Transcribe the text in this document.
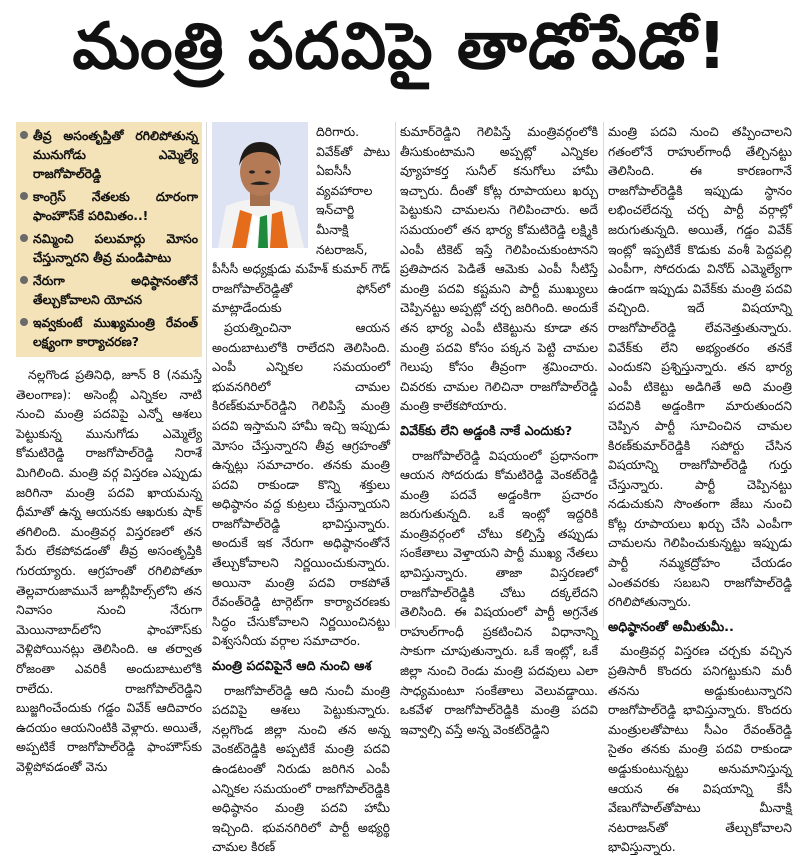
మంత్రి పదవిపై తాడోపేడో!
తీవ్ర అసంతృప్తితో రగిలిపోతున్న మునుగోడు ఎమ్మెల్యే రాజగోపాల్‌రెడ్డి
కాంగ్రెస్‌ నేతలకు దూరంగా ఫాంహౌస్‌కే పరిమితం..!
నమ్మించి పలుమార్లు మోసం చేస్తున్నారని తీవ్ర మండిపాటు
నేరుగా అధిష్ఠానంతోనే తేల్చుకోవాలని యోచన
ఇవ్వకుంటే ముఖ్యమంత్రి రేవంత్‌ లక్ష్యంగా కార్యాచరణ?

నల్లగొండ ప్రతినిధి, జూన్‌ 8 (నమస్తే తెలంగాణ): అసెంబ్లీ ఎన్నికల నాటి నుంచి మంత్రి పదవిపై ఎన్నో ఆశలు పెట్టుకున్న మునుగోడు ఎమ్మెల్యే కోమటిరెడ్డి రాజగోపాల్‌రెడ్డి నిరాశే మిగిలింది. మంత్రి వర్గ విస్తరణ ఎప్పుడు జరిగినా మంత్రి పదవి ఖాయమన్న ధీమాతో ఉన్న ఆయనకు ఆఖరుకు షాక్‌ తగిలింది. మంత్రివర్గ విస్తరణలో తన పేరు లేకపోవడంతో తీవ్ర అసంతృప్తికి గురయ్యారు. ఆగ్రహంతో రగిలిపోతూ తెల్లవారుజామునే జూబ్లీహిల్స్‌లోని తన నివాసం నుంచి నేరుగా మెయినాబాద్‌లోని ఫాంహౌస్‌కు వెళ్లిపోయినట్లు తెలిసింది. ఆ తర్వాత రోజంతా ఎవరికీ అందుబాటులోకి రాలేదు. రాజగోపాల్‌రెడ్డిని బుజ్జగించేందుకు గడ్డం వివేక్‌ ఆదివారం ఉదయం ఆయనింటికి వెళ్లారు. అయితే, అప్పటికే రాజగోపాల్‌రెడ్డి ఫాంహౌస్‌కు వెళ్లిపోవడంతో వెను

దిరిగారు. వివేక్‌తో పాటు ఏఐసీసీ వ్యవహారాల ఇన్‌చార్జి మీనాక్షి నటరాజన్‌, పీసీసీ అధ్యక్షుడు మహేశ్‌ కుమార్‌ గౌడ్‌ రాజగోపాల్‌రెడ్డితో ఫోన్‌లో మాట్లాడేందుకు

ప్రయత్నించినా ఆయన అందుబాటులోకి రాలేదని తెలిసింది. ఎంపీ ఎన్నికల సమయంలో భువనగిరిలో చామల కిరణ్‌కుమార్‌రెడ్డిని గెలిపిస్తే మంత్రి పదవి ఇస్తామని హామీ ఇచ్చి ఇప్పుడు మోసం చేస్తున్నారని తీవ్ర ఆగ్రహంతో ఉన్నట్లు సమాచారం. తనకు మంత్రి పదవి రాకుండా కొన్ని శక్తులు అధిష్ఠానం వద్ద కుట్రలు చేస్తున్నాయని రాజగోపాల్‌రెడ్డి భావిస్తున్నారు. అందుకే ఇక నేరుగా అధిష్ఠానంతోనే తేల్చుకోవాలని నిర్ణయించుకున్నారు. అయినా మంత్రి పదవి రాకపోతే రేవంత్‌రెడ్డి టార్గెట్‌గా కార్యాచరణకు సిద్ధం చేసుకోవాలని నిర్ణయించినట్టు విశ్వసనీయ వర్గాల సమాచారం.

మంత్రి పదవిపైనే ఆది నుంచి ఆశ

రాజగోపాల్‌రెడ్డి ఆది నుంచీ మంత్రి పదవిపై ఆశలు పెట్టుకున్నారు. నల్లగొండ జిల్లా నుంచి తన అన్న వెంకట్‌రెడ్డికి అప్పటికే మంత్రి పదవి ఉండటంతో నిరుడు జరిగిన ఎంపీ ఎన్నికల సమయంలో రాజగోపాల్‌రెడ్డికి అధిష్ఠానం మంత్రి పదవి హామీ ఇచ్చింది. భువనగిరిలో పార్టీ అభ్యర్థి చామల కిరణ్‌

కుమార్‌రెడ్డిని గెలిపిస్తే మంత్రివర్గంలోకి తీసుకుంటామని అప్పట్లో ఎన్నికల వ్యూహకర్త సునీల్‌ కనుగోలు హామీ ఇచ్చారు. దీంతో కోట్ల రూపాయలు ఖర్చు పెట్టుకుని చామలను గెలిపించారు. అదే సమయంలో తన భార్య కోమటిరెడ్డి లక్ష్మికి ఎంపీ టికెట్‌ ఇస్తే గెలిపించుకుంటానని ప్రతిపాదన పెడితే ఆమెకు ఎంపీ సీటిస్తే మంత్రి పదవి కష్టమని పార్టీ ముఖ్యులు చెప్పినట్టు అప్పట్లో చర్చ జరిగింది. అందుకే తన భార్య ఎంపీ టికెట్టును కూడా తన మంత్రి పదవి కోసం పక్కన పెట్టి చామల గెలుపు కోసం తీవ్రంగా శ్రమించారు. చివరకు చామల గెలిచినా రాజగోపాల్‌రెడ్డి మంత్రి కాలేకపోయారు.

వివేక్‌కు లేని అడ్డంకి నాకే ఎందుకు?

రాజగోపాల్‌రెడ్డి విషయంలో ప్రధానంగా ఆయన సోదరుడు కోమటిరెడ్డి వెంకట్‌రెడ్డి మంత్రి పదవే అడ్డంకిగా ప్రచారం జరుగుతున్నది. ఒకే ఇంట్లో ఇద్దరికి మంత్రివర్గంలో చోటు కల్పిస్తే తప్పుడు సంకేతాలు వెళ్తాయని పార్టీ ముఖ్య నేతలు భావిస్తున్నారు. తాజా విస్తరణలో రాజగోపాల్‌రెడ్డికి చోటు దక్కలేదని తెలిసింది. ఈ విషయంలో పార్టీ అగ్రనేత రాహుల్‌గాంధీ ప్రకటించిన విధానాన్ని సాకుగా చూపుతున్నారు. ఒకే ఇంట్లో, ఒకే జిల్లా నుంచి రెండు మంత్రి పదవులు ఎలా సాధ్యమంటూ సంకేతాలు వెలువడ్డాయి. ఒకవేళ రాజగోపాల్‌రెడ్డికి మంత్రి పదవి ఇవ్వాల్సి వస్తే అన్న వెంకట్‌రెడ్డిని

మంత్రి పదవి నుంచి తప్పించాలని గతంలోనే రాహుల్‌గాంధీ తేల్చినట్టు తెలిసింది. ఈ కారణంగానే రాజగోపాల్‌రెడ్డికి ఇప్పుడు స్థానం లభించలేదన్న చర్చ పార్టీ వర్గాల్లో జరుగుతున్నది. అయితే, గడ్డం వివేక్‌ ఇంట్లో ఇప్పటికే కొడుకు వంశీ పెద్దపల్లి ఎంపీగా, సోదరుడు వినోద్‌ ఎమ్మెల్యేగా ఉండగా ఇప్పుడు వివేక్‌కు మంత్రి పదవి వచ్చింది. ఇదే విషయాన్ని రాజగోపాల్‌రెడ్డి లేవనెత్తుతున్నారు. వివేక్‌కు లేని అభ్యంతరం తనకే ఎందుకని ప్రశ్నిస్తున్నారు. తన భార్య ఎంపీ టికెట్టు అడిగితే అది మంత్రి పదవికి అడ్డంకిగా మారుతుందని చెప్పిన పార్టీ సూచించిన చామల కిరణ్‌కుమార్‌రెడ్డికి సపోర్టు చేసిన విషయాన్ని రాజగోపాల్‌రెడ్డి గుర్తు చేస్తున్నారు. పార్టీ చెప్పినట్టు నడుచుకుని సొంతంగా జేబు నుంచి కోట్ల రూపాయలు ఖర్చు చేసి ఎంపీగా చామలను గెలిపించుకున్నట్టు ఇప్పుడు పార్టీ నమ్మకద్రోహం చేయడం ఎంతవరకు సబబని రాజగోపాల్‌రెడ్డి రగిలిపోతున్నారు.

అధిష్ఠానంతో అమీతుమీ..

మంత్రివర్గ విస్తరణ చర్చకు వచ్చిన ప్రతిసారీ కొందరు పనిగట్టుకుని మరీ తనను అడ్డుకుంటున్నారని రాజగోపాల్‌రెడ్డి భావిస్తున్నారు. కొందరు మంత్రులతోపాటు సీఎం రేవంత్‌రెడ్డి సైతం తనకు మంత్రి పదవి రాకుండా అడ్డుకుంటున్నట్టు అనుమానిస్తున్న ఆయన ఈ విషయాన్ని కేసీ వేణుగోపాల్‌తోపాటు మీనాక్షి నటరాజన్‌తో తేల్చుకోవాలని భావిస్తున్నారు.
